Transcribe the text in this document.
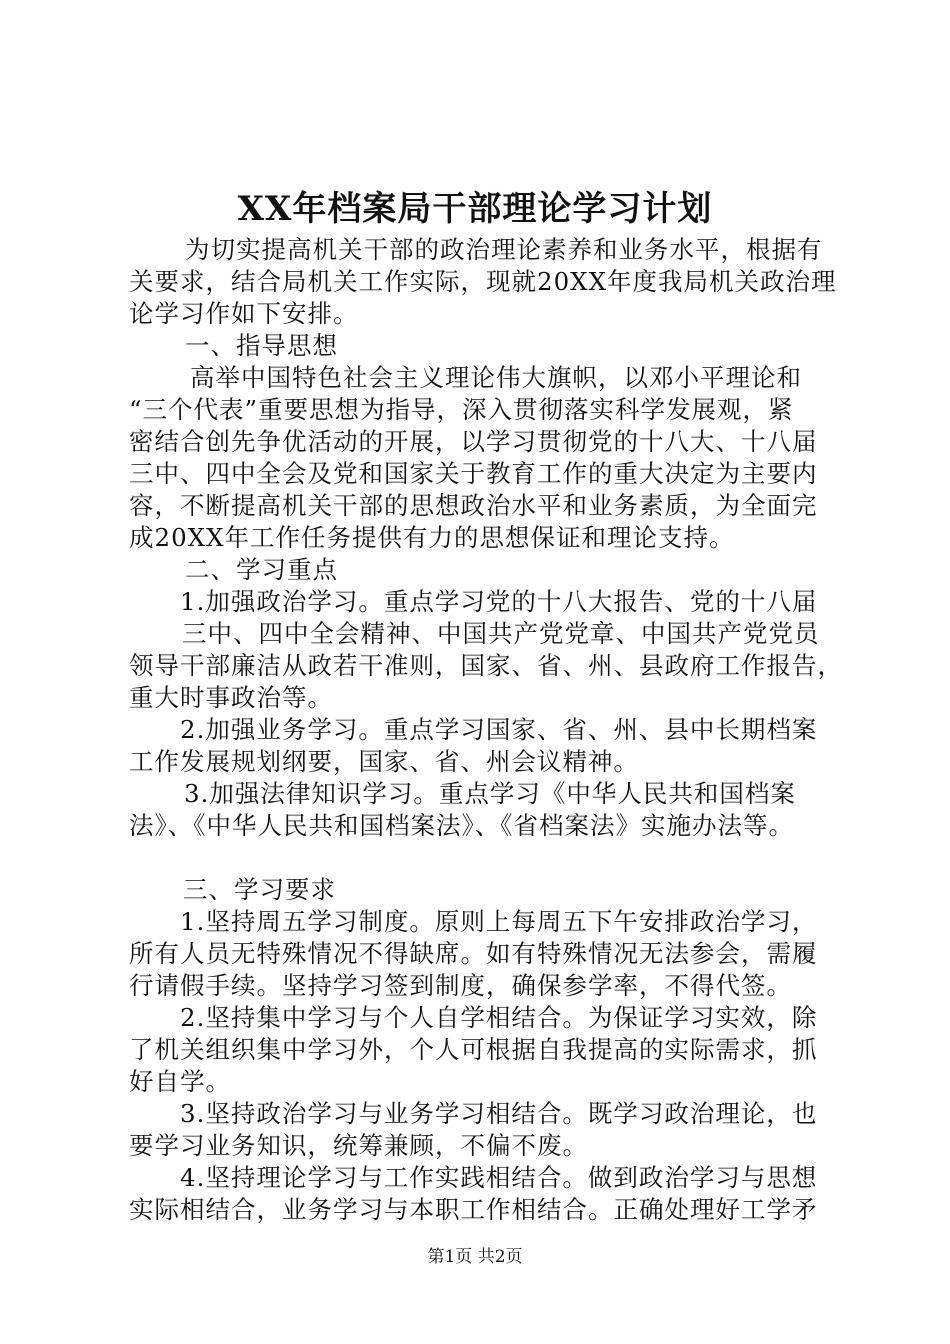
XX年档案局干部理论学习计划
为切实提高机关干部的政治理论素养和业务水平，根据有
关要求，结合局机关工作实际，现就20XX年度我局机关政治理
论学习作如下安排。
一、指导思想
高举中国特色社会主义理论伟大旗帜，以邓小平理论和
“三个代表”重要思想为指导，深入贯彻落实科学发展观，紧
密结合创先争优活动的开展，以学习贯彻党的十八大、十八届
三中、四中全会及党和国家关于教育工作的重大决定为主要内
容，不断提高机关干部的思想政治水平和业务素质，为全面完
成20XX年工作任务提供有力的思想保证和理论支持。
二、学习重点
1.加强政治学习。重点学习党的十八大报告、党的十八届
三中、四中全会精神、中国共产党党章、中国共产党党员
领导干部廉洁从政若干准则，国家、省、州、县政府工作报告，
重大时事政治等。
2.加强业务学习。重点学习国家、省、州、县中长期档案
工作发展规划纲要，国家、省、州会议精神。
3.加强法律知识学习。重点学习《中华人民共和国档案
法》、《中华人民共和国档案法》、《省档案法》实施办法等。
三、学习要求
1.坚持周五学习制度。原则上每周五下午安排政治学习，
所有人员无特殊情况不得缺席。如有特殊情况无法参会，需履
行请假手续。坚持学习签到制度，确保参学率，不得代签。
2.坚持集中学习与个人自学相结合。为保证学习实效，除
了机关组织集中学习外，个人可根据自我提高的实际需求，抓
好自学。
3.坚持政治学习与业务学习相结合。既学习政治理论，也
要学习业务知识，统筹兼顾，不偏不废。
4.坚持理论学习与工作实践相结合。做到政治学习与思想
实际相结合，业务学习与本职工作相结合。正确处理好工学矛
第1页 共2页
